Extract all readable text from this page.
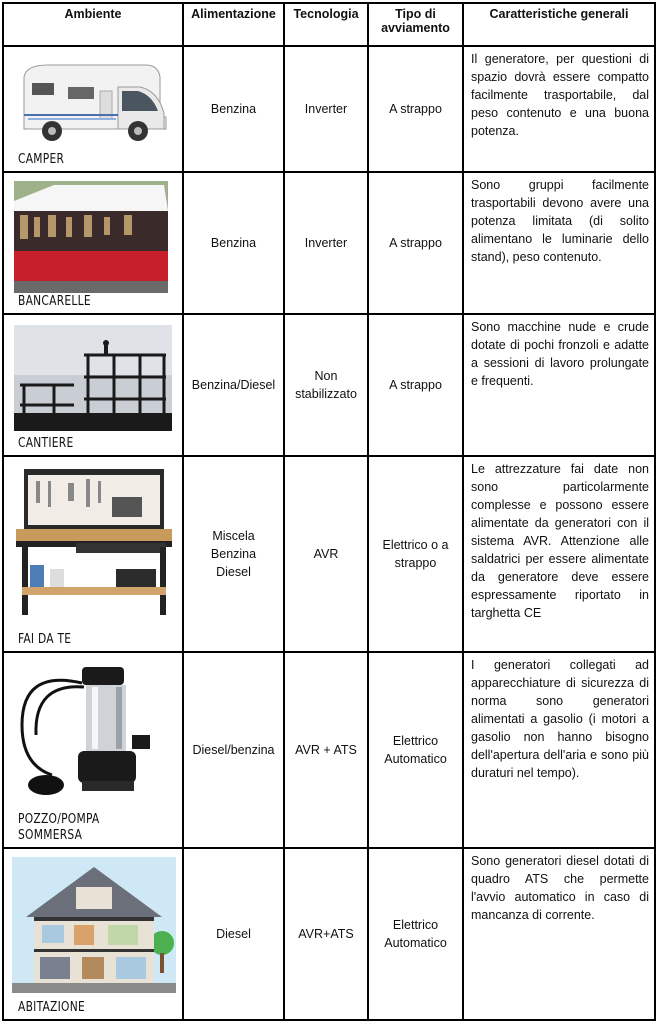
Ambiente	Alimentazione	Tecnologia	Tipo di avviamento	Caratteristiche generali

CAMPER	Benzina	Inverter	A strappo	Il generatore, per questioni di spazio dovrà essere compatto facilmente trasportabile, dal peso contenuto e una buona potenza.

BANCARELLE	Benzina	Inverter	A strappo	Sono gruppi facilmente trasportabili devono avere una potenza limitata (di solito alimentano le luminarie dello stand), peso contenuto.

CANTIERE	Benzina/Diesel	Non stabilizzato	A strappo	Sono macchine nude e crude dotate di pochi fronzoli e adatte a sessioni di lavoro prolungate e frequenti.

FAI DA TE	Miscela Benzina Diesel	AVR	Elettrico o a strappo	Le attrezzature fai date non sono particolarmente complesse e possono essere alimentate da generatori con il sistema AVR. Attenzione alle saldatrici per essere alimentate da generatore deve essere espressamente riportato in targhetta CE

POZZO/POMPA SOMMERSA	Diesel/benzina	AVR + ATS	Elettrico Automatico	I generatori collegati ad apparecchiature di sicurezza di norma sono generatori alimentati a gasolio (i motori a gasolio non hanno bisogno dell'apertura dell'aria e sono più duraturi nel tempo).

ABITAZIONE	Diesel	AVR+ATS	Elettrico Automatico	Sono generatori diesel dotati di quadro ATS che permette l'avvio automatico in caso di mancanza di corrente.
